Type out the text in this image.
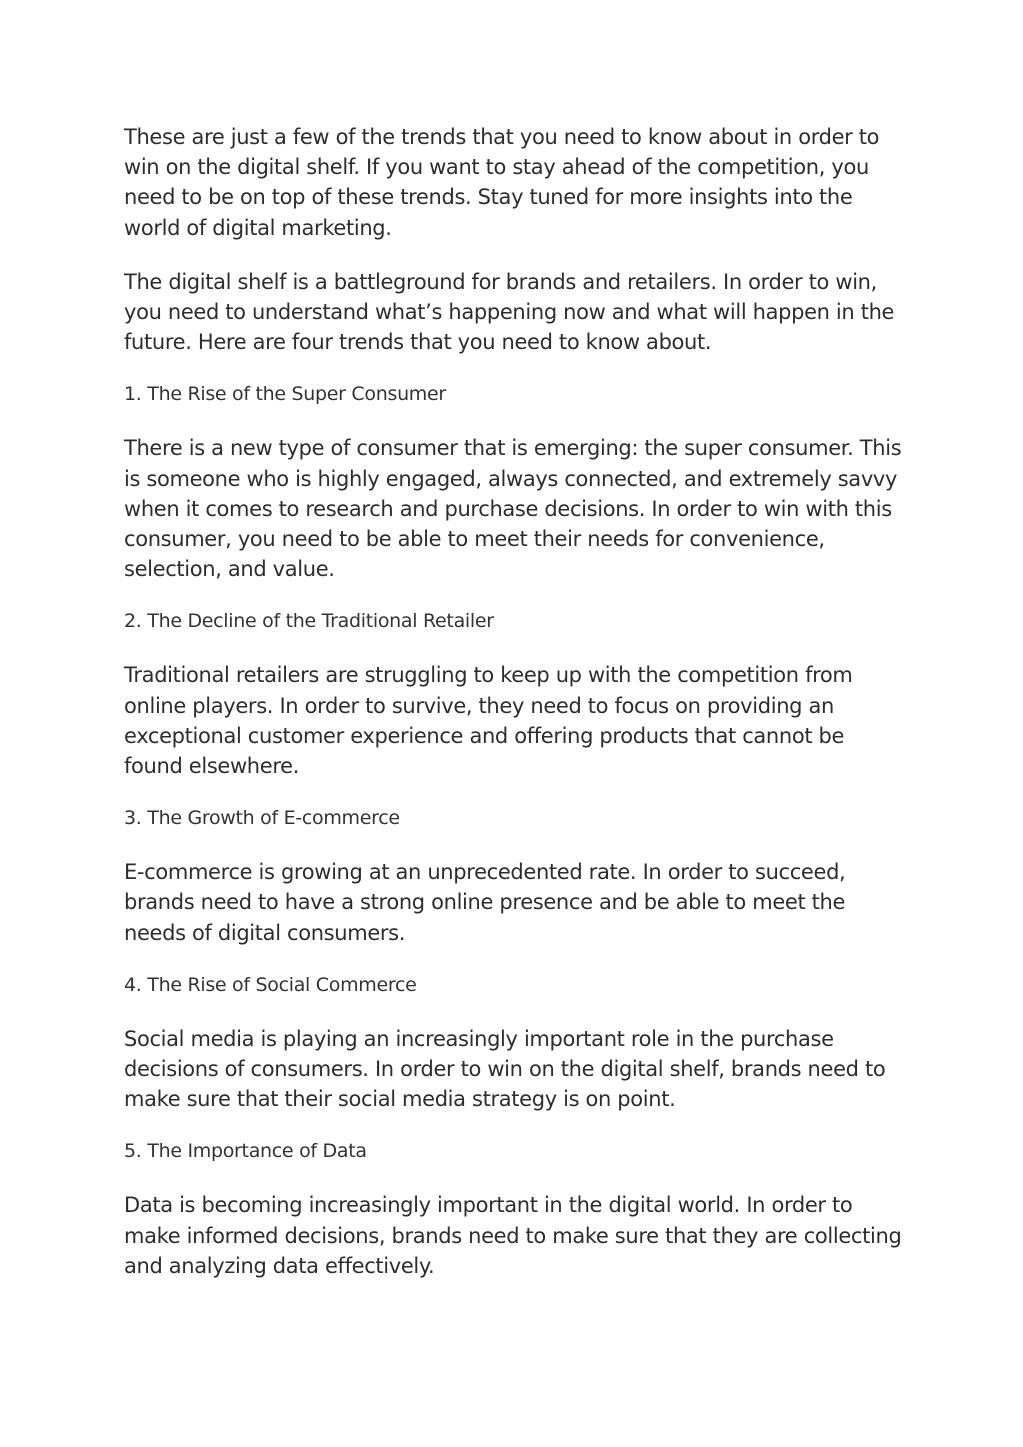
These are just a few of the trends that you need to know about in order to win on the digital shelf. If you want to stay ahead of the competition, you need to be on top of these trends. Stay tuned for more insights into the world of digital marketing.

The digital shelf is a battleground for brands and retailers. In order to win, you need to understand what’s happening now and what will happen in the future. Here are four trends that you need to know about.

1. The Rise of the Super Consumer

There is a new type of consumer that is emerging: the super consumer. This is someone who is highly engaged, always connected, and extremely savvy when it comes to research and purchase decisions. In order to win with this consumer, you need to be able to meet their needs for convenience, selection, and value.

2. The Decline of the Traditional Retailer

Traditional retailers are struggling to keep up with the competition from online players. In order to survive, they need to focus on providing an exceptional customer experience and offering products that cannot be found elsewhere.

3. The Growth of E-commerce

E-commerce is growing at an unprecedented rate. In order to succeed, brands need to have a strong online presence and be able to meet the needs of digital consumers.

4. The Rise of Social Commerce

Social media is playing an increasingly important role in the purchase decisions of consumers. In order to win on the digital shelf, brands need to make sure that their social media strategy is on point.

5. The Importance of Data

Data is becoming increasingly important in the digital world. In order to make informed decisions, brands need to make sure that they are collecting and analyzing data effectively.
